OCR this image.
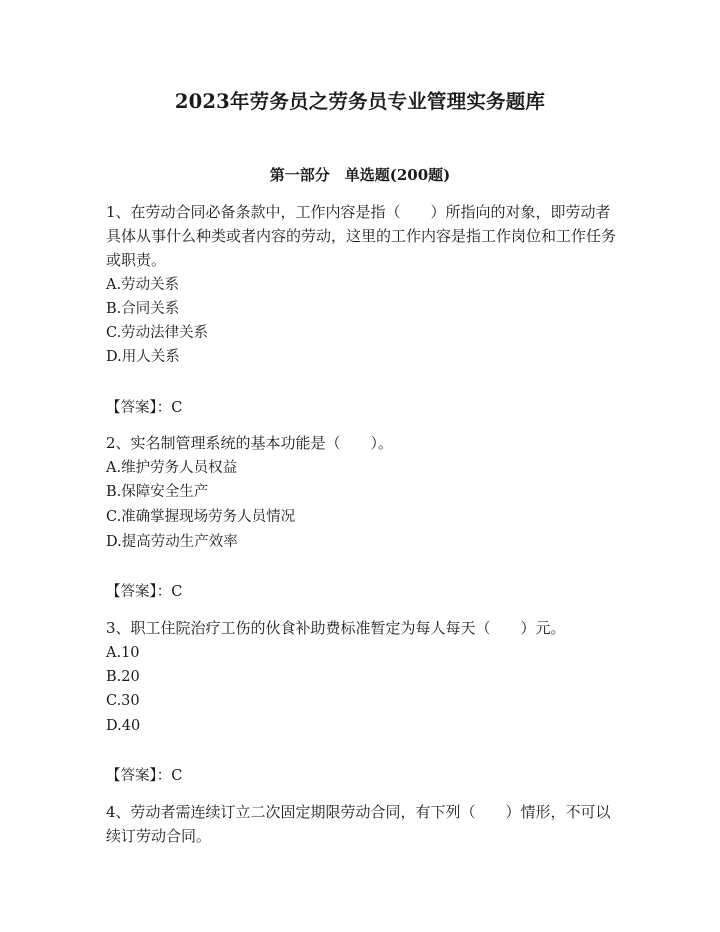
2023年劳务员之劳务员专业管理实务题库
第一部分　单选题(200题)
1、在劳动合同必备条款中，工作内容是指（　　）所指向的对象，即劳动者具体从事什么种类或者内容的劳动，这里的工作内容是指工作岗位和工作任务或职责。
A.劳动关系
B.合同关系
C.劳动法律关系
D.用人关系
【答案】：C
2、实名制管理系统的基本功能是（　　）。
A.维护劳务人员权益
B.保障安全生产
C.准确掌握现场劳务人员情况
D.提高劳动生产效率
【答案】：C
3、职工住院治疗工伤的伙食补助费标准暂定为每人每天（　　）元。
A.10
B.20
C.30
D.40
【答案】：C
4、劳动者需连续订立二次固定期限劳动合同，有下列（　　）情形，不可以续订劳动合同。
